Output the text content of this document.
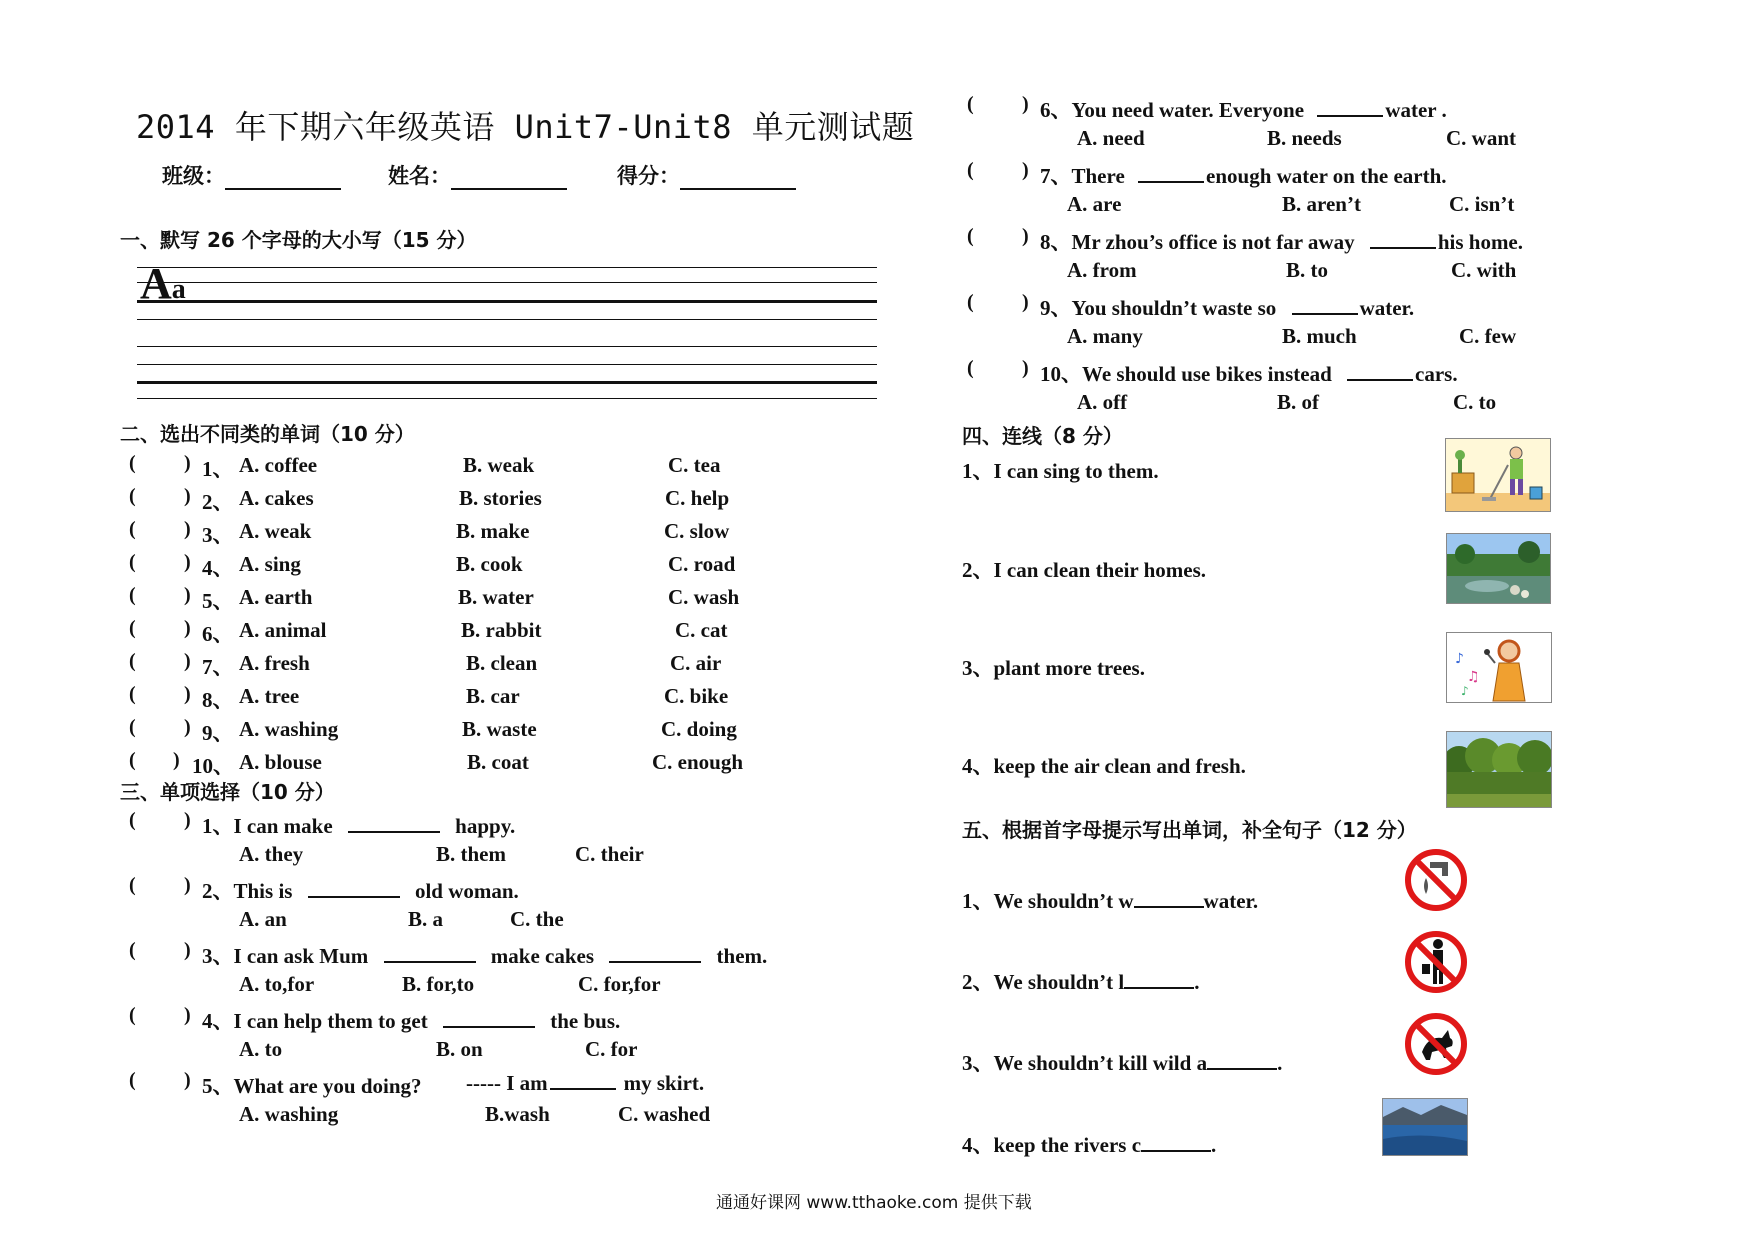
2014 年下期六年级英语 Unit7-Unit8 单元测试题
班级：	姓名：	得分：
一、默写 26 个字母的大小写（15 分）
Aa
二、选出不同类的单词（10 分）
( ) 1、 A. coffee	B. weak	C. tea
( ) 2、 A. cakes	B. stories	C. help
( ) 3、 A. weak	B. make	C. slow
( ) 4、 A. sing	B. cook	C. road
( ) 5、 A. earth	B. water	C. wash
( ) 6、 A. animal	B. rabbit	C. cat
( ) 7、 A. fresh	B. clean	C. air
( ) 8、 A. tree	B. car	C. bike
( ) 9、 A. washing	B. waste	C. doing
( ) 10、 A. blouse	B. coat	C. enough
三、单项选择（10 分）
( ) 1、I can make	happy.
A. they	B. them	C. their
( ) 2、This is	old woman.
A. an	B. a	C. the
( ) 3、I can ask Mum	make cakes	them.
A. to,for	B. for,to	C. for,for
( ) 4、I can help them to get	the bus.
A. to	B. on	C. for
( ) 5、What are you doing? ----- I am	my skirt.
A. washing	B.wash	C. washed
( ) 6、You need water. Everyone	water .
A. need	B. needs	C. want
( ) 7、There	enough water on the earth.
A. are	B. aren’t	C. isn’t
( ) 8、Mr zhou’s office is not far away	his home.
A. from	B. to	C. with
( ) 9、You shouldn’t waste so	water.
A. many	B. much	C. few
( ) 10、We should use bikes instead	cars.
A. off	B. of	C. to
四、连线（8 分）
1、I can sing to them.
2、I can clean their homes.
3、plant more trees.
4、keep the air clean and fresh.
♪
♫
♪
五、根据首字母提示写出单词，补全句子（12 分）
1、We shouldn’t w	water.
2、We shouldn’t l	.
3、We shouldn’t kill wild a	.
4、keep the rivers c	.
通通好课网 www.tthaoke.com 提供下载
